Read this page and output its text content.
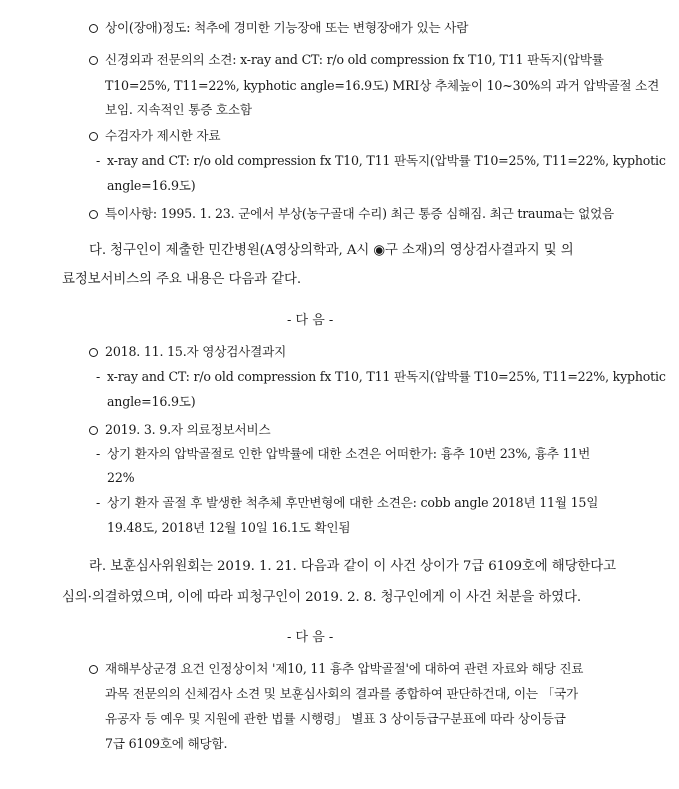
상이(장애)정도: 척추에 경미한 기능장애 또는 변형장애가 있는 사람
신경외과 전문의의 소견: x-ray and CT: r/o old compression fx T10, T11 판독지(압박률
T10=25%, T11=22%, kyphotic angle=16.9도) MRI상 추체높이 10~30%의 과거 압박골절 소견
보임. 지속적인 통증 호소함
수검자가 제시한 자료
- x-ray and CT: r/o old compression fx T10, T11 판독지(압박률 T10=25%, T11=22%, kyphotic
angle=16.9도)
특이사항: 1995. 1. 23. 군에서 부상(농구골대 수리) 최근 통증 심해짐. 최근 trauma는 없었음
다. 청구인이 제출한 민간병원(A영상의학과, A시 ◉구 소재)의 영상검사결과지 및 의
료정보서비스의 주요 내용은 다음과 같다.
- 다 음 -
2018. 11. 15.자 영상검사결과지
- x-ray and CT: r/o old compression fx T10, T11 판독지(압박률 T10=25%, T11=22%, kyphotic
angle=16.9도)
2019. 3. 9.자 의료정보서비스
- 상기 환자의 압박골절로 인한 압박률에 대한 소견은 어떠한가: 흉추 10번 23%, 흉추 11번
22%
- 상기 환자 골절 후 발생한 척추체 후만변형에 대한 소견은: cobb angle 2018년 11월 15일
19.48도, 2018년 12월 10일 16.1도 확인됨
라. 보훈심사위원회는 2019. 1. 21. 다음과 같이 이 사건 상이가 7급 6109호에 해당한다고
심의·의결하였으며, 이에 따라 피청구인이 2019. 2. 8. 청구인에게 이 사건 처분을 하였다.
- 다 음 -
재해부상군경 요건 인정상이처 '제10, 11 흉추 압박골절'에 대하여 관련 자료와 해당 진료
과목 전문의의 신체검사 소견 및 보훈심사회의 결과를 종합하여 판단하건대, 이는 「국가
유공자 등 예우 및 지원에 관한 법률 시행령」 별표 3 상이등급구분표에 따라 상이등급
7급 6109호에 해당함.
